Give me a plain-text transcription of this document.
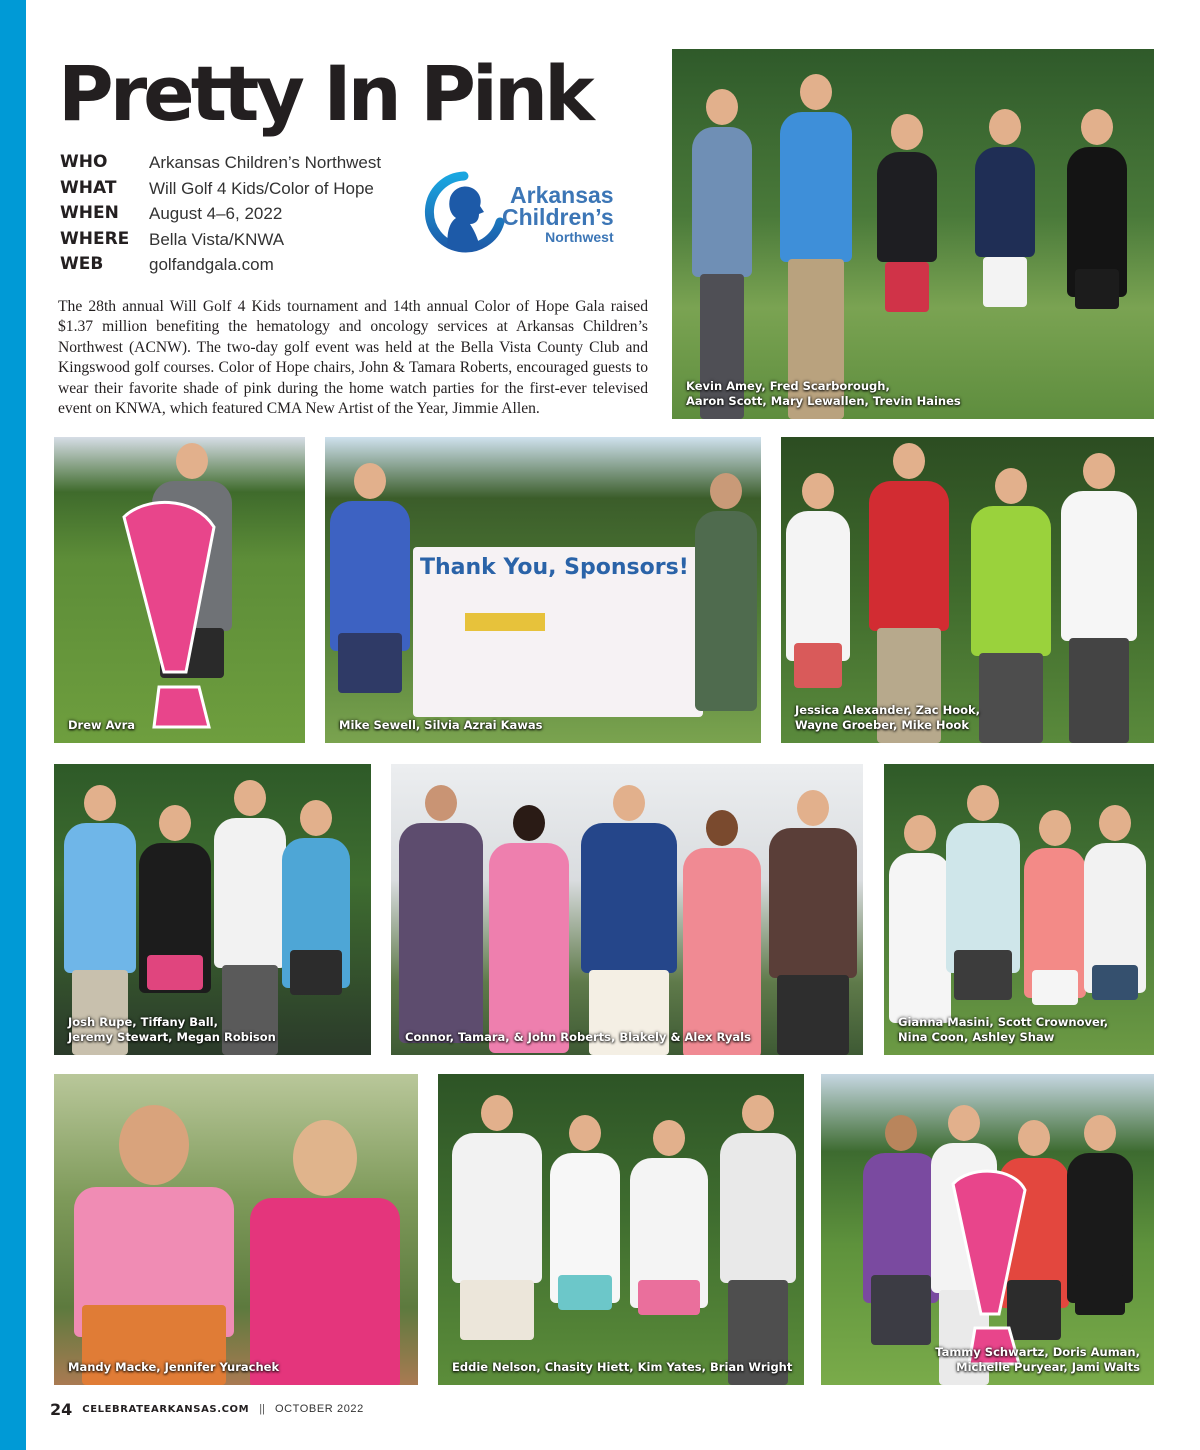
Pretty In Pink
WHO	Arkansas Children’s Northwest
WHAT	Will Golf 4 Kids/Color of Hope
WHEN	August 4–6, 2022
WHERE	Bella Vista/KNWA
WEB	golfandgala.com
Arkansas
Children’s
Northwest

The 28th annual Will Golf 4 Kids tournament and 14th annual Color of Hope Gala raised $1.37 million benefiting the hematology and oncology services at Arkansas Children’s Northwest (ACNW). The two-day golf event was held at the Bella Vista County Club and Kingswood golf courses. Color of Hope chairs, John & Tamara Roberts, encouraged guests to wear their favorite shade of pink during the home watch parties for the first-ever televised event on KNWA, which featured CMA New Artist of the Year, Jimmie Allen.

Kevin Amey, Fred Scarborough,
Aaron Scott, Mary Lewallen, Trevin Haines
Drew Avra
Thank You, Sponsors!
Mike Sewell, Silvia Azrai Kawas
Jessica Alexander, Zac Hook,
Wayne Groeber, Mike Hook
Josh Rupe, Tiffany Ball,
Jeremy Stewart, Megan Robison	Connor, Tamara, & John Roberts, Blakely & Alex Ryals
Gianna Masini, Scott Crownover,
Nina Coon, Ashley Shaw
Mandy Macke, Jennifer Yurachek	Eddie Nelson, Chasity Hiett, Kim Yates, Brian Wright
Tammy Schwartz, Doris Auman,
Michelle Puryear, Jami Walts
24 CELEBRATEARKANSAS.COM || OCTOBER 2022
